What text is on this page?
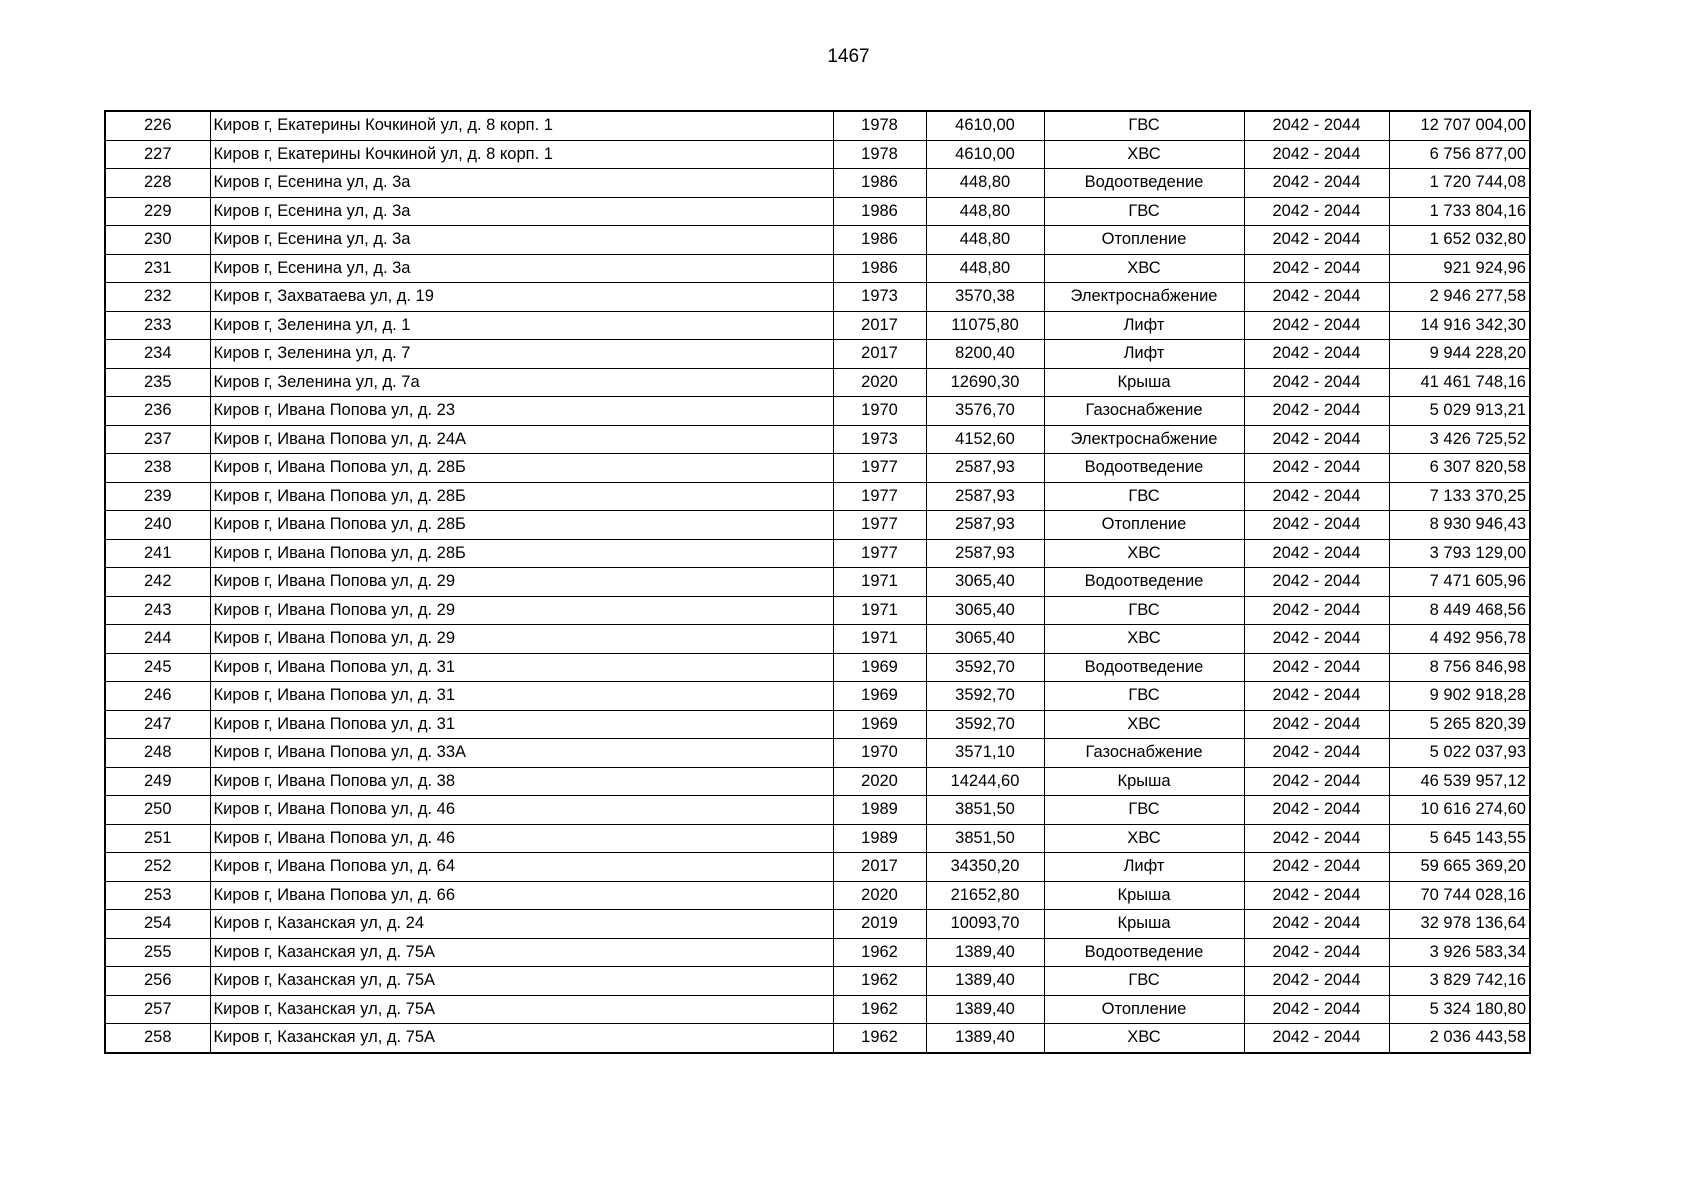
1467
226	Киров г, Екатерины Кочкиной ул, д. 8 корп. 1	1978	4610,00	ГВС	2042 - 2044	12 707 004,00
227	Киров г, Екатерины Кочкиной ул, д. 8 корп. 1	1978	4610,00	ХВС	2042 - 2044	6 756 877,00
228	Киров г, Есенина ул, д. 3а	1986	448,80	Водоотведение	2042 - 2044	1 720 744,08
229	Киров г, Есенина ул, д. 3а	1986	448,80	ГВС	2042 - 2044	1 733 804,16
230	Киров г, Есенина ул, д. 3а	1986	448,80	Отопление	2042 - 2044	1 652 032,80
231	Киров г, Есенина ул, д. 3а	1986	448,80	ХВС	2042 - 2044	921 924,96
232	Киров г, Захватаева ул, д. 19	1973	3570,38	Электроснабжение	2042 - 2044	2 946 277,58
233	Киров г, Зеленина ул, д. 1	2017	11075,80	Лифт	2042 - 2044	14 916 342,30
234	Киров г, Зеленина ул, д. 7	2017	8200,40	Лифт	2042 - 2044	9 944 228,20
235	Киров г, Зеленина ул, д. 7а	2020	12690,30	Крыша	2042 - 2044	41 461 748,16
236	Киров г, Ивана Попова ул, д. 23	1970	3576,70	Газоснабжение	2042 - 2044	5 029 913,21
237	Киров г, Ивана Попова ул, д. 24А	1973	4152,60	Электроснабжение	2042 - 2044	3 426 725,52
238	Киров г, Ивана Попова ул, д. 28Б	1977	2587,93	Водоотведение	2042 - 2044	6 307 820,58
239	Киров г, Ивана Попова ул, д. 28Б	1977	2587,93	ГВС	2042 - 2044	7 133 370,25
240	Киров г, Ивана Попова ул, д. 28Б	1977	2587,93	Отопление	2042 - 2044	8 930 946,43
241	Киров г, Ивана Попова ул, д. 28Б	1977	2587,93	ХВС	2042 - 2044	3 793 129,00
242	Киров г, Ивана Попова ул, д. 29	1971	3065,40	Водоотведение	2042 - 2044	7 471 605,96
243	Киров г, Ивана Попова ул, д. 29	1971	3065,40	ГВС	2042 - 2044	8 449 468,56
244	Киров г, Ивана Попова ул, д. 29	1971	3065,40	ХВС	2042 - 2044	4 492 956,78
245	Киров г, Ивана Попова ул, д. 31	1969	3592,70	Водоотведение	2042 - 2044	8 756 846,98
246	Киров г, Ивана Попова ул, д. 31	1969	3592,70	ГВС	2042 - 2044	9 902 918,28
247	Киров г, Ивана Попова ул, д. 31	1969	3592,70	ХВС	2042 - 2044	5 265 820,39
248	Киров г, Ивана Попова ул, д. 33А	1970	3571,10	Газоснабжение	2042 - 2044	5 022 037,93
249	Киров г, Ивана Попова ул, д. 38	2020	14244,60	Крыша	2042 - 2044	46 539 957,12
250	Киров г, Ивана Попова ул, д. 46	1989	3851,50	ГВС	2042 - 2044	10 616 274,60
251	Киров г, Ивана Попова ул, д. 46	1989	3851,50	ХВС	2042 - 2044	5 645 143,55
252	Киров г, Ивана Попова ул, д. 64	2017	34350,20	Лифт	2042 - 2044	59 665 369,20
253	Киров г, Ивана Попова ул, д. 66	2020	21652,80	Крыша	2042 - 2044	70 744 028,16
254	Киров г, Казанская ул, д. 24	2019	10093,70	Крыша	2042 - 2044	32 978 136,64
255	Киров г, Казанская ул, д. 75А	1962	1389,40	Водоотведение	2042 - 2044	3 926 583,34
256	Киров г, Казанская ул, д. 75А	1962	1389,40	ГВС	2042 - 2044	3 829 742,16
257	Киров г, Казанская ул, д. 75А	1962	1389,40	Отопление	2042 - 2044	5 324 180,80
258	Киров г, Казанская ул, д. 75А	1962	1389,40	ХВС	2042 - 2044	2 036 443,58
